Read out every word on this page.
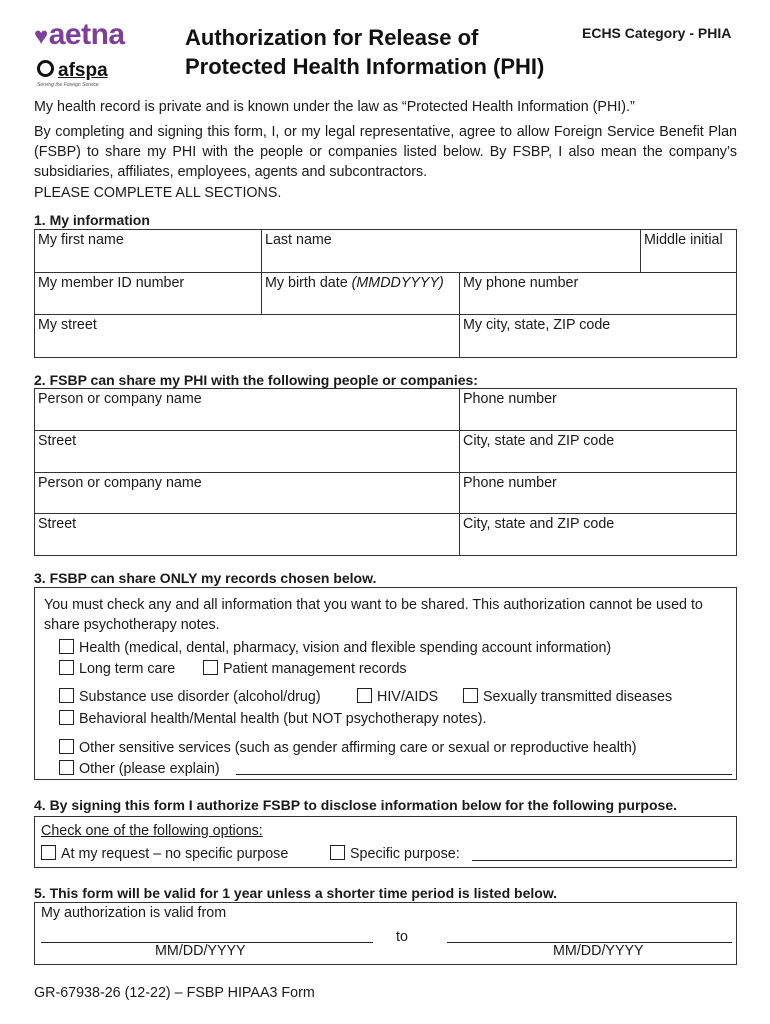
♥aetna
afspa
Serving the Foreign Service
Authorization for Release of
Protected Health Information (PHI)
ECHS Category - PHIA
My health record is private and is known under the law as “Protected Health Information (PHI).”
By completing and signing this form, I, or my legal representative, agree to allow Foreign Service Benefit Plan (FSBP) to share my PHI with the people or companies listed below. By FSBP, I also mean the company’s subsidiaries, affiliates, employees, agents and subcontractors.
PLEASE COMPLETE ALL SECTIONS.
1. My information
My first name	Last name		Middle initial
My member ID number	My birth date (MMDDYYYY)	My phone number	
My street		My city, state, ZIP code	
2. FSBP can share my PHI with the following people or companies:
Person or company name	Phone number
Street	City, state and ZIP code
Person or company name	Phone number
Street	City, state and ZIP code
3. FSBP can share ONLY my records chosen below.
You must check any and all information that you want to be shared. This authorization cannot be used to share psychotherapy notes.
Health (medical, dental, pharmacy, vision and flexible spending account information)
Long term care	Patient management records
Substance use disorder (alcohol/drug)	HIV/AIDS	Sexually transmitted diseases
Behavioral health/Mental health (but NOT psychotherapy notes).
Other sensitive services (such as gender affirming care or sexual or reproductive health)
Other (please explain)
4. By signing this form I authorize FSBP to disclose information below for the following purpose.
Check one of the following options:
At my request – no specific purpose	Specific purpose:
5. This form will be valid for 1 year unless a shorter time period is listed below.
My authorization is valid from
to
MM/DD/YYYY	MM/DD/YYYY
GR-67938-26 (12-22) – FSBP HIPAA3 Form
